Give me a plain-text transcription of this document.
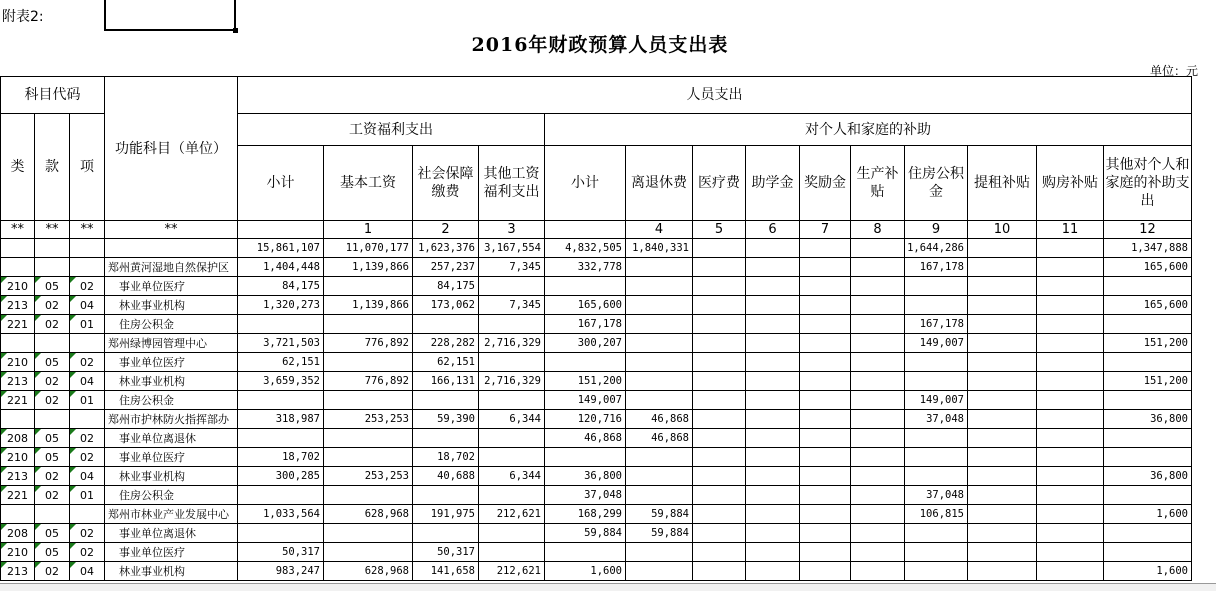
附表2:
2016年财政预算人员支出表
单位：元
科目代码			功能科目（单位）	人员支出													
类	款	项		工资福利支出				对个人和家庭的补助									
				小计	基本工资	社会保障缴费	其他工资福利支出	小计	离退休费	医疗费	助学金	奖励金	生产补贴	住房公积金	提租补贴	购房补贴	其他对个人和家庭的补助支出
**	**	**	**		1	2	3		4	5	6	7	8	9	10	11	12
				15,861,107	11,070,177	1,623,376	3,167,554	4,832,505	1,840,331					1,644,286			1,347,888
			郑州黄河湿地自然保护区	1,404,448	1,139,866	257,237	7,345	332,778						167,178			165,600
210	05	02	事业单位医疗	84,175		84,175											
213	02	04	林业事业机构	1,320,273	1,139,866	173,062	7,345	165,600									165,600
221	02	01	住房公积金					167,178						167,178			
			郑州绿博园管理中心	3,721,503	776,892	228,282	2,716,329	300,207						149,007			151,200
210	05	02	事业单位医疗	62,151		62,151											
213	02	04	林业事业机构	3,659,352	776,892	166,131	2,716,329	151,200									151,200
221	02	01	住房公积金					149,007						149,007			
			郑州市护林防火指挥部办	318,987	253,253	59,390	6,344	120,716	46,868					37,048			36,800
208	05	02	事业单位离退休					46,868	46,868								
210	05	02	事业单位医疗	18,702		18,702											
213	02	04	林业事业机构	300,285	253,253	40,688	6,344	36,800									36,800
221	02	01	住房公积金					37,048						37,048			
			郑州市林业产业发展中心	1,033,564	628,968	191,975	212,621	168,299	59,884					106,815			1,600
208	05	02	事业单位离退休					59,884	59,884								
210	05	02	事业单位医疗	50,317		50,317											
213	02	04	林业事业机构	983,247	628,968	141,658	212,621	1,600									1,600
